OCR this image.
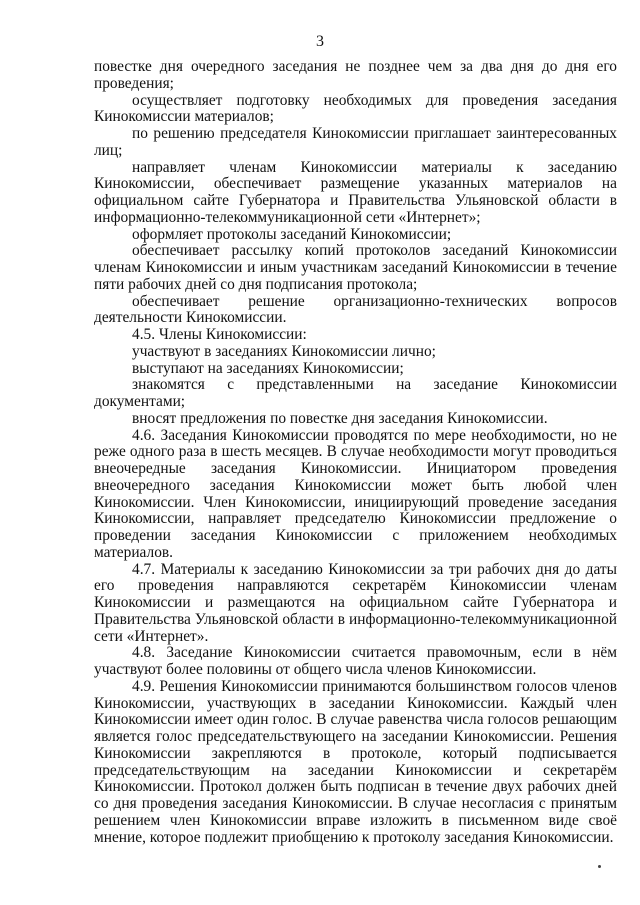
3

повестке дня очередного заседания не позднее чем за два дня до дня его проведения;

осуществляет подготовку необходимых для проведения заседания Кинокомиссии материалов;

по решению председателя Кинокомиссии приглашает заинтересованных лиц;

направляет членам Кинокомиссии материалы к заседанию Кинокомиссии, обеспечивает размещение указанных материалов на официальном сайте Губернатора и Правительства Ульяновской области в информационно-телекоммуникационной сети «Интернет»;

оформляет протоколы заседаний Кинокомиссии;

обеспечивает рассылку копий протоколов заседаний Кинокомиссии членам Кинокомиссии и иным участникам заседаний Кинокомиссии в течение пяти рабочих дней со дня подписания протокола;

обеспечивает решение организационно-технических вопросов деятельности Кинокомиссии.

4.5. Члены Кинокомиссии:

участвуют в заседаниях Кинокомиссии лично;

выступают на заседаниях Кинокомиссии;

знакомятся с представленными на заседание Кинокомиссии документами;

вносят предложения по повестке дня заседания Кинокомиссии.

4.6. Заседания Кинокомиссии проводятся по мере необходимости, но не реже одного раза в шесть месяцев. В случае необходимости могут проводиться внеочередные заседания Кинокомиссии. Инициатором проведения внеочередного заседания Кинокомиссии может быть любой член Кинокомиссии. Член Кинокомиссии, инициирующий проведение заседания Кинокомиссии, направляет председателю Кинокомиссии предложение о проведении заседания Кинокомиссии с приложением необходимых материалов.

4.7. Материалы к заседанию Кинокомиссии за три рабочих дня до даты его проведения направляются секретарём Кинокомиссии членам Кинокомиссии и размещаются на официальном сайте Губернатора и Правительства Ульяновской области в информационно-телекоммуникационной сети «Интернет».

4.8. Заседание Кинокомиссии считается правомочным, если в нём участвуют более половины от общего числа членов Кинокомиссии.

4.9. Решения Кинокомиссии принимаются большинством голосов членов Кинокомиссии, участвующих в заседании Кинокомиссии. Каждый член Кинокомиссии имеет один голос. В случае равенства числа голосов решающим является голос председательствующего на заседании Кинокомиссии. Решения Кинокомиссии закрепляются в протоколе, который подписывается председательствующим на заседании Кинокомиссии и секретарём Кинокомиссии. Протокол должен быть подписан в течение двух рабочих дней со дня проведения заседания Кинокомиссии. В случае несогласия с принятым решением член Кинокомиссии вправе изложить в письменном виде своё мнение, которое подлежит приобщению к протоколу заседания Кинокомиссии.
